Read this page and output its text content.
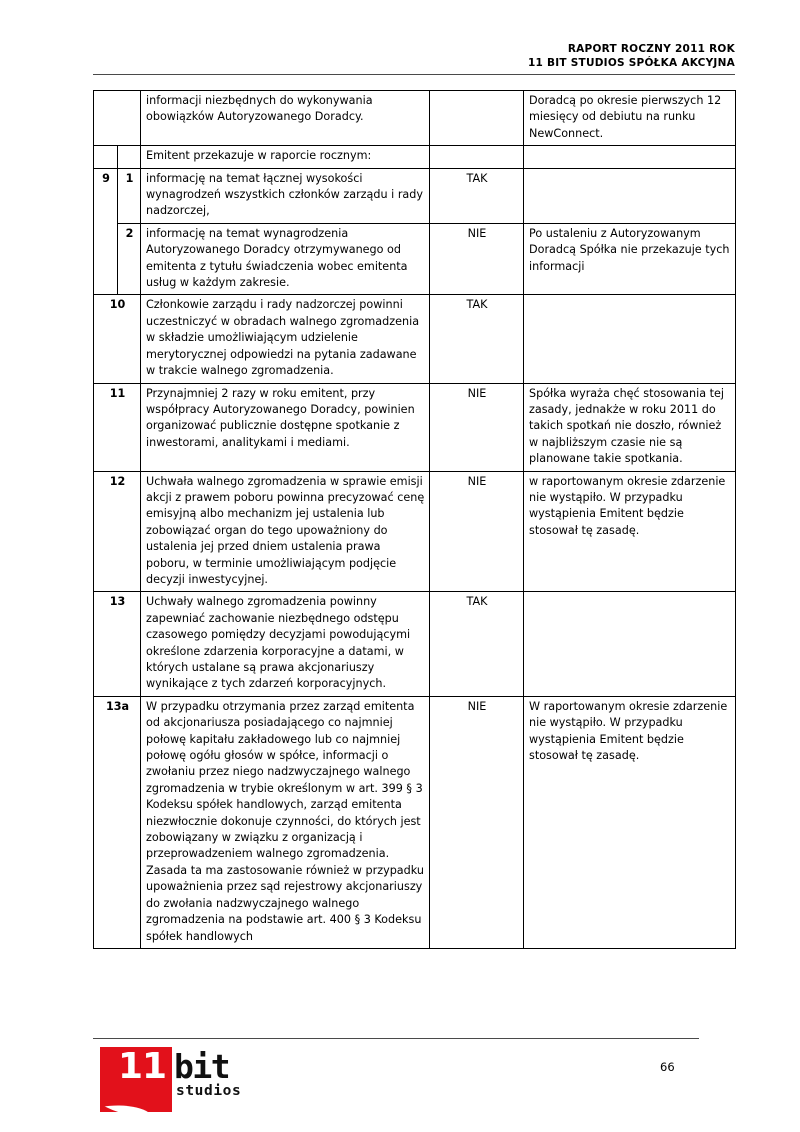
RAPORT ROCZNY 2011 ROK
11 BIT STUDIOS SPÓŁKA AKCYJNA
		informacji niezbędnych do wykonywania obowiązków Autoryzowanego Doradcy.		Doradcą po okresie pierwszych 12 miesięcy od debiutu na runku NewConnect.
		Emitent przekazuje w raporcie rocznym:		
9	1	informację na temat łącznej wysokości wynagrodzeń wszystkich członków zarządu i rady nadzorczej,	TAK	
	2	informację na temat wynagrodzenia Autoryzowanego Doradcy otrzymywanego od emitenta z tytułu świadczenia wobec emitenta usług w każdym zakresie.	NIE	Po ustaleniu z Autoryzowanym Doradcą Spółka nie przekazuje tych informacji
10		Członkowie zarządu i rady nadzorczej powinni uczestniczyć w obradach walnego zgromadzenia w składzie umożliwiającym udzielenie merytorycznej odpowiedzi na pytania zadawane w trakcie walnego zgromadzenia.	TAK	
11		Przynajmniej 2 razy w roku emitent, przy współpracy Autoryzowanego Doradcy, powinien organizować publicznie dostępne spotkanie z inwestorami, analitykami i mediami.	NIE	Spółka wyraża chęć stosowania tej zasady, jednakże w roku 2011 do takich spotkań nie doszło, również w najbliższym czasie nie są planowane takie spotkania.
12		Uchwała walnego zgromadzenia w sprawie emisji akcji z prawem poboru powinna precyzować cenę emisyjną albo mechanizm jej ustalenia lub zobowiązać organ do tego upoważniony do ustalenia jej przed dniem ustalenia prawa poboru, w terminie umożliwiającym podjęcie decyzji inwestycyjnej.	NIE	w raportowanym okresie zdarzenie nie wystąpiło. W przypadku wystąpienia Emitent będzie stosował tę zasadę.
13		Uchwały walnego zgromadzenia powinny zapewniać zachowanie niezbędnego odstępu czasowego pomiędzy decyzjami powodującymi określone zdarzenia korporacyjne a datami, w których ustalane są prawa akcjonariuszy wynikające z tych zdarzeń korporacyjnych.	TAK	
13a		W przypadku otrzymania przez zarząd emitenta od akcjonariusza posiadającego co najmniej połowę kapitału zakładowego lub co najmniej połowę ogółu głosów w spółce, informacji o zwołaniu przez niego nadzwyczajnego walnego zgromadzenia w trybie określonym w art. 399 § 3 Kodeksu spółek handlowych, zarząd emitenta niezwłocznie dokonuje czynności, do których jest zobowiązany w związku z organizacją i przeprowadzeniem walnego zgromadzenia. Zasada ta ma zastosowanie również w przypadku upoważnienia przez sąd rejestrowy akcjonariuszy do zwołania nadzwyczajnego walnego zgromadzenia na podstawie art. 400 § 3 Kodeksu spółek handlowych	NIE	W raportowanym okresie zdarzenie nie wystąpiło. W przypadku wystąpienia Emitent będzie stosował tę zasadę.
66
11 bit
studios
